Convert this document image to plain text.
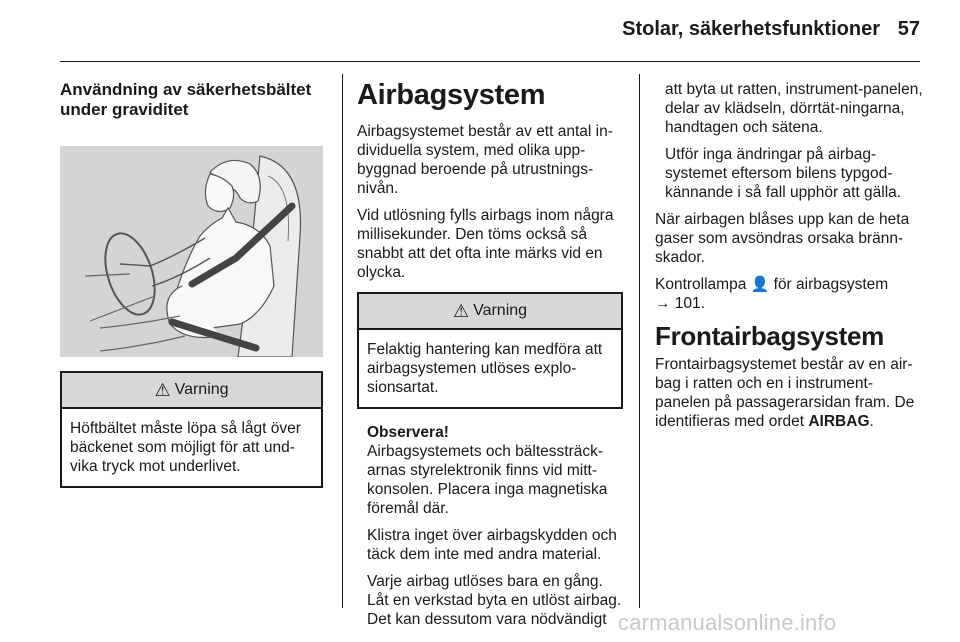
Stolar, säkerhetsfunktioner 57
Användning av säkerhetsbältet under graviditet
⚠ Varning

Höftbältet måste löpa så lågt över bäckenet som möjligt för att und-vika tryck mot underlivet.

Airbagsystem

Airbagsystemet består av ett antal in-dividuella system, med olika upp-byggnad beroende på utrustnings-nivån.

Vid utlösning fylls airbags inom några millisekunder. Den töms också så snabbt att det ofta inte märks vid en olycka.

⚠ Varning

Felaktig hantering kan medföra att airbagsystemen utlöses explo-sionsartat.

Observera!

Airbagsystemets och bältessträck-arnas styrelektronik finns vid mitt-konsolen. Placera inga magnetiska föremål där.

Klistra inget över airbagskydden och täck dem inte med andra material.

Varje airbag utlöses bara en gång. Låt en verkstad byta en utlöst airbag. Det kan dessutom vara nödvändigt

att byta ut ratten, instrument-panelen, delar av klädseln, dörrtät-ningarna, handtagen och sätena.

Utför inga ändringar på airbag-systemet eftersom bilens typgod-kännande i så fall upphör att gälla.

När airbagen blåses upp kan de heta gaser som avsöndras orsaka bränn-skador.

Kontrollampa 👤 för airbagsystem
→ 101.

Frontairbagsystem

Frontairbagsystemet består av en air-bag i ratten och en i instrument-panelen på passagerarsidan fram. De identifieras med ordet AIRBAG.

carmanualsonline.info
